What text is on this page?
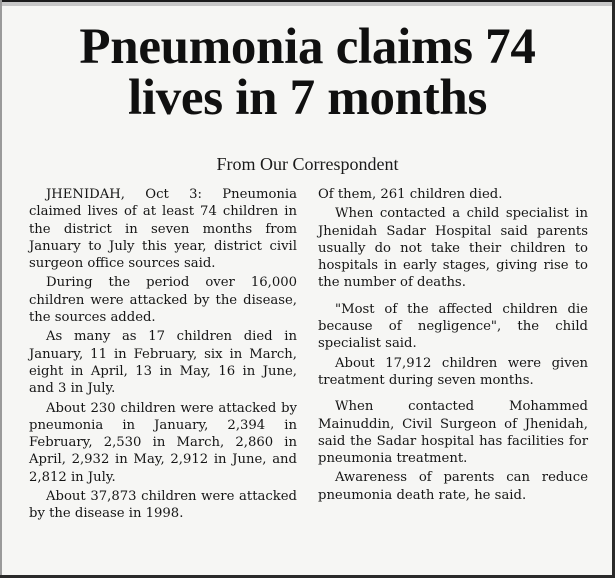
Pneumonia claims 74
lives in 7 months
From Our Correspondent

JHENIDAH, Oct 3: Pneumonia claimed lives of at least 74 children in the district in seven months from January to July this year, district civil surgeon office sources said.

During the period over 16,000 children were attacked by the disease, the sources added.

As many as 17 children died in January, 11 in February, six in March, eight in April, 13 in May, 16 in June, and 3 in July.

About 230 children were attacked by pneumonia in January, 2,394 in February, 2,530 in March, 2,860 in April, 2,932 in May, 2,912 in June, and 2,812 in July.

About 37,873 children were attacked by the disease in 1998.

Of them, 261 children died.

When contacted a child specialist in Jhenidah Sadar Hospital said parents usually do not take their children to hospitals in early stages, giving rise to the number of deaths.

"Most of the affected children die because of negligence", the child specialist said.

About 17,912 children were given treatment during seven months.

When contacted Mohammed Mainuddin, Civil Surgeon of Jhenidah, said the Sadar hospital has facilities for pneumonia treatment.

Awareness of parents can reduce pneumonia death rate, he said.
